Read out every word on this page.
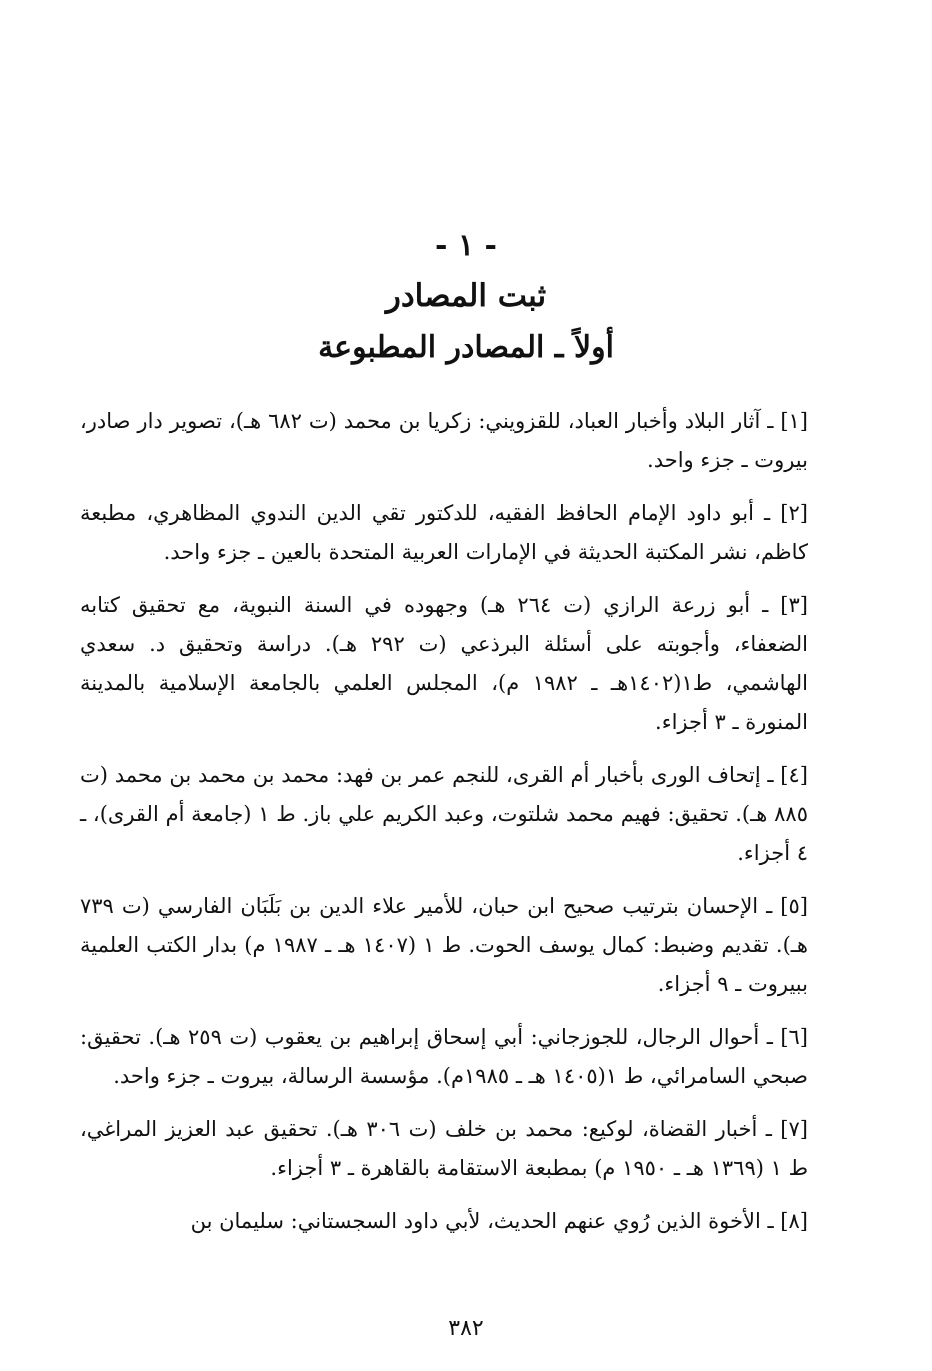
- ١ -
ثبت المصادر
أولاً ـ المصادر المطبوعة

[١] ـ آثار البلاد وأخبار العباد، للقزويني: زكريا بن محمد (ت ٦٨٢ هـ)، تصوير دار صادر، بيروت ـ جزء واحد.

[٢] ـ أبو داود الإمام الحافظ الفقيه، للدكتور تقي الدين الندوي المظاهري، مطبعة كاظم، نشر المكتبة الحديثة في الإمارات العربية المتحدة بالعين ـ جزء واحد.

[٣] ـ أبو زرعة الرازي (ت ٢٦٤ هـ) وجهوده في السنة النبوية، مع تحقيق كتابه الضعفاء، وأجوبته على أسئلة البرذعي (ت ٢٩٢ هـ). دراسة وتحقيق د. سعدي الهاشمي، ط١(١٤٠٢هـ ـ ١٩٨٢ م)، المجلس العلمي بالجامعة الإسلامية بالمدينة المنورة ـ ٣ أجزاء.

[٤] ـ إتحاف الورى بأخبار أم القرى، للنجم عمر بن فهد: محمد بن محمد بن محمد (ت ٨٨٥ هـ). تحقيق: فهيم محمد شلتوت، وعبد الكريم علي باز. ط ١ (جامعة أم القرى)، ـ ٤ أجزاء.

[٥] ـ الإحسان بترتيب صحيح ابن حبان، للأمير علاء الدين بن بَلَبَان الفارسي (ت ٧٣٩ هـ). تقديم وضبط: كمال يوسف الحوت. ط ١ (١٤٠٧ هـ ـ ١٩٨٧ م) بدار الكتب العلمية ببيروت ـ ٩ أجزاء.

[٦] ـ أحوال الرجال، للجوزجاني: أبي إسحاق إبراهيم بن يعقوب (ت ٢٥٩ هـ). تحقيق: صبحي السامرائي، ط ١(١٤٠٥ هـ ـ ١٩٨٥م). مؤسسة الرسالة، بيروت ـ جزء واحد.

[٧] ـ أخبار القضاة، لوكيع: محمد بن خلف (ت ٣٠٦ هـ). تحقيق عبد العزيز المراغي، ط ١ (١٣٦٩ هـ ـ ١٩٥٠ م) بمطبعة الاستقامة بالقاهرة ـ ٣ أجزاء.

[٨] ـ الأخوة الذين رُوي عنهم الحديث، لأبي داود السجستاني: سليمان بن

٣٨٢
